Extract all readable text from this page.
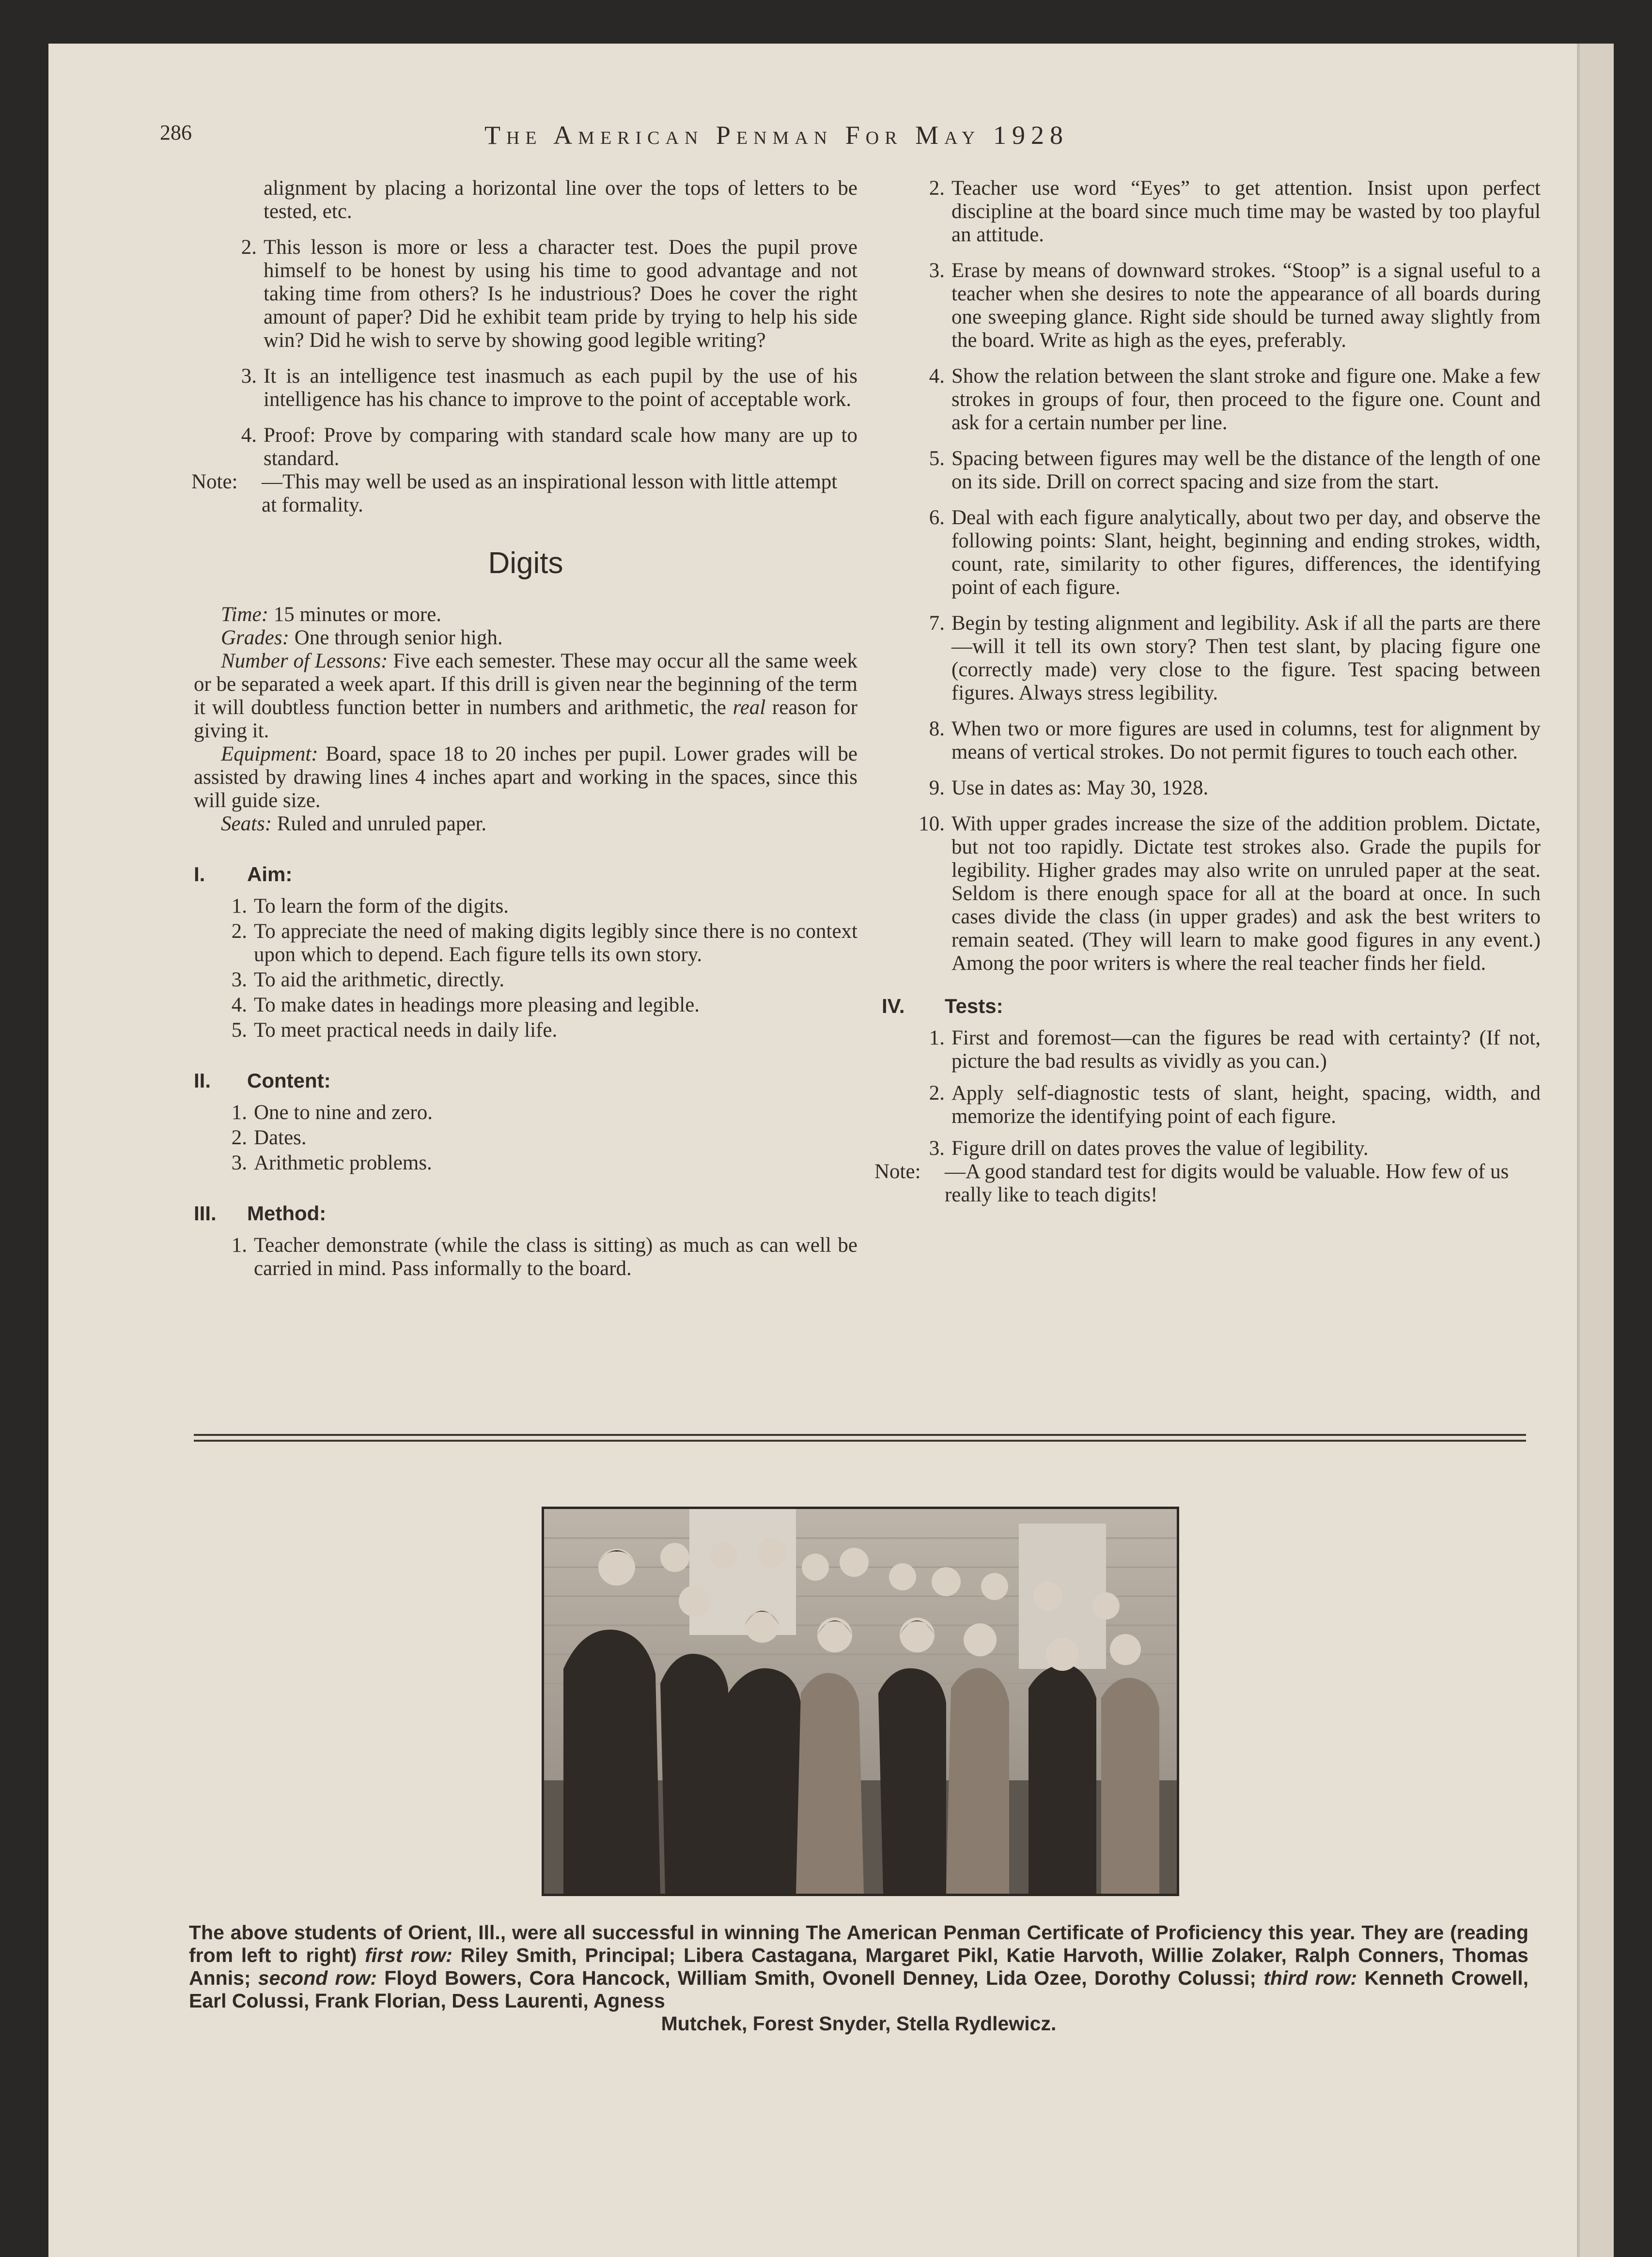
286	The American Penman For May 1928
alignment by placing a horizontal line over the tops of letters to be tested, etc.
2. This lesson is more or less a character test. Does the pupil prove himself to be honest by using his time to good advantage and not taking time from others? Is he industrious? Does he cover the right amount of paper? Did he exhibit team pride by trying to help his side win? Did he wish to serve by showing good legible writing?
3. It is an intelligence test inasmuch as each pupil by the use of his intelligence has his chance to improve to the point of acceptable work.
4. Proof: Prove by comparing with standard scale how many are up to standard.
Note:	—This may well be used as an inspirational lesson with little attempt at formality.
Digits

Time: 15 minutes or more.

Grades: One through senior high.

Number of Lessons: Five each semester. These may occur all the same week or be separated a week apart. If this drill is given near the beginning of the term it will doubtless function better in numbers and arithmetic, the real reason for giving it.

Equipment: Board, space 18 to 20 inches per pupil. Lower grades will be assisted by drawing lines 4 inches apart and working in the spaces, since this will guide size.

Seats: Ruled and unruled paper.

I.	Aim:
1. To learn the form of the digits.
2. To appreciate the need of making digits legibly since there is no context upon which to depend. Each figure tells its own story.
3. To aid the arithmetic, directly.
4. To make dates in headings more pleasing and legible.
5. To meet practical needs in daily life.
II.	Content:
1. One to nine and zero.
2. Dates.
3. Arithmetic problems.
III.	Method:
1. Teacher demonstrate (while the class is sitting) as much as can well be carried in mind. Pass informally to the board.
2. Teacher use word “Eyes” to get attention. Insist upon perfect discipline at the board since much time may be wasted by too playful an attitude.
3. Erase by means of downward strokes. “Stoop” is a signal useful to a teacher when she desires to note the appearance of all boards during one sweeping glance. Right side should be turned away slightly from the board. Write as high as the eyes, preferably.
4. Show the relation between the slant stroke and figure one. Make a few strokes in groups of four, then proceed to the figure one. Count and ask for a certain number per line.
5. Spacing between figures may well be the distance of the length of one on its side. Drill on correct spacing and size from the start.
6. Deal with each figure analytically, about two per day, and observe the following points: Slant, height, beginning and ending strokes, width, count, rate, similarity to other figures, differences, the identifying point of each figure.
7. Begin by testing alignment and legibility. Ask if all the parts are there—will it tell its own story? Then test slant, by placing figure one (correctly made) very close to the figure. Test spacing between figures. Always stress legibility.
8. When two or more figures are used in columns, test for alignment by means of vertical strokes. Do not permit figures to touch each other.
9. Use in dates as: May 30, 1928.
10. With upper grades increase the size of the addition problem. Dictate, but not too rapidly. Dictate test strokes also. Grade the pupils for legibility. Higher grades may also write on unruled paper at the seat. Seldom is there enough space for all at the board at once. In such cases divide the class (in upper grades) and ask the best writers to remain seated. (They will learn to make good figures in any event.) Among the poor writers is where the real teacher finds her field.
IV.	Tests:
1. First and foremost—can the figures be read with certainty? (If not, picture the bad results as vividly as you can.)
2. Apply self-diagnostic tests of slant, height, spacing, width, and memorize the identifying point of each figure.
3. Figure drill on dates proves the value of legibility.
Note:	—A good standard test for digits would be valuable. How few of us really like to teach digits!
The above students of Orient, Ill., were all successful in winning The American Penman Certificate of Proficiency this year. They are (reading from left to right) first row: Riley Smith, Principal; Libera Castagana, Margaret Pikl, Katie Harvoth, Willie Zolaker, Ralph Conners, Thomas Annis; second row: Floyd Bowers, Cora Hancock, William Smith, Ovonell Denney, Lida Ozee, Dorothy Colussi; third row: Kenneth Crowell, Earl Colussi, Frank Florian, Dess Laurenti, Agness
Mutchek, Forest Snyder, Stella Rydlewicz.
